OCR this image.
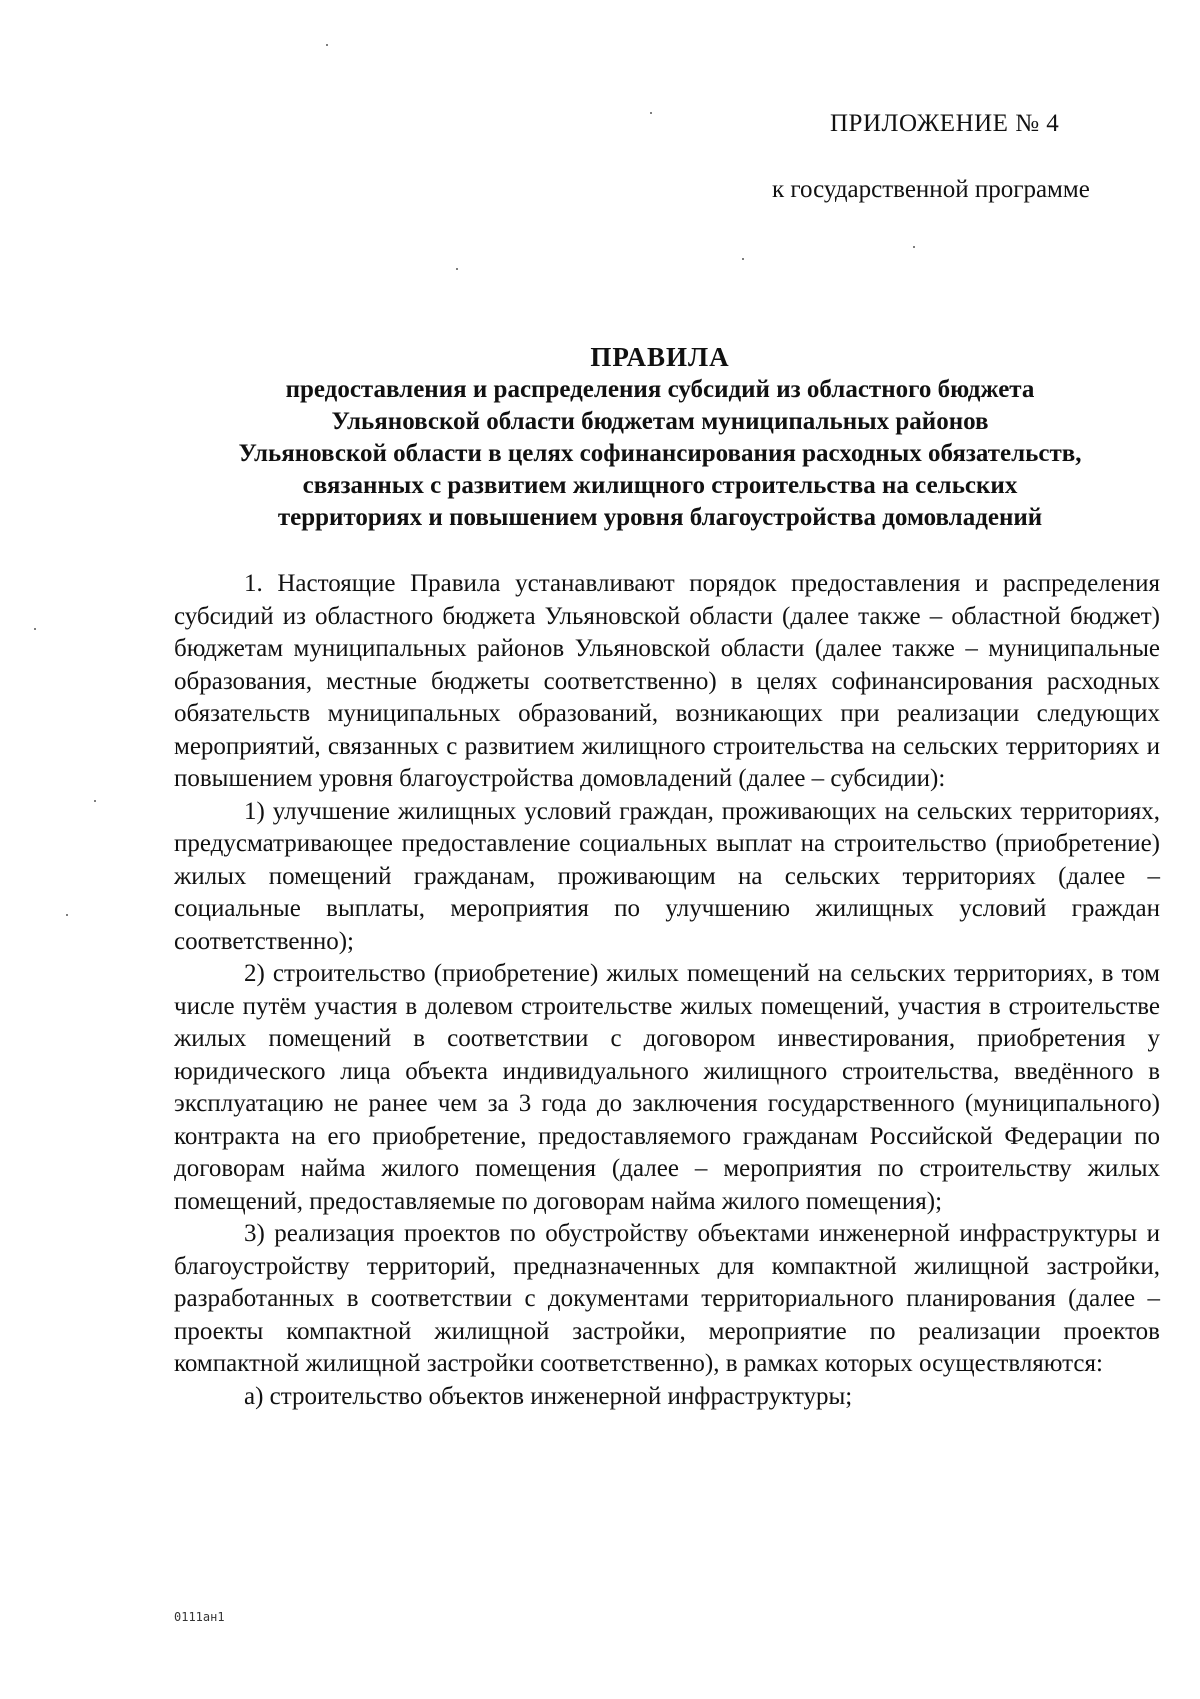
ПРИЛОЖЕНИЕ № 4
к государственной программе
ПРАВИЛА
предоставления и распределения субсидий из областного бюджета
Ульяновской области бюджетам муниципальных районов
Ульяновской области в целях софинансирования расходных обязательств,
связанных с развитием жилищного строительства на сельских
территориях и повышением уровня благоустройства домовладений

1. Настоящие Правила устанавливают порядок предоставления и распределения субсидий из областного бюджета Ульяновской области (далее также – областной бюджет) бюджетам муниципальных районов Ульяновской области (далее также – муниципальные образования, местные бюджеты соответственно) в целях софинансирования расходных обязательств муниципальных образований, возникающих при реализации следующих мероприятий, связанных с развитием жилищного строительства на сельских территориях и повышением уровня благоустройства домовладений (далее – субсидии):

1) улучшение жилищных условий граждан, проживающих на сельских территориях, предусматривающее предоставление социальных выплат на строительство (приобретение) жилых помещений гражданам, проживающим на сельских территориях (далее – социальные выплаты, мероприятия по улучшению жилищных условий граждан соответственно);

2) строительство (приобретение) жилых помещений на сельских территориях, в том числе путём участия в долевом строительстве жилых помещений, участия в строительстве жилых помещений в соответствии с договором инвестирования, приобретения у юридического лица объекта индивидуального жилищного строительства, введённого в эксплуатацию не ранее чем за 3 года до заключения государственного (муниципального) контракта на его приобретение, предоставляемого гражданам Российской Федерации по договорам найма жилого помещения (далее – мероприятия по строительству жилых помещений, предоставляемые по договорам найма жилого помещения);

3) реализация проектов по обустройству объектами инженерной инфраструктуры и благоустройству территорий, предназначенных для компактной жилищной застройки, разработанных в соответствии с документами территориального планирования (далее – проекты компактной жилищной застройки, мероприятие по реализации проектов компактной жилищной застройки соответственно), в рамках которых осуществляются:

а) строительство объектов инженерной инфраструктуры;

0111ан1
